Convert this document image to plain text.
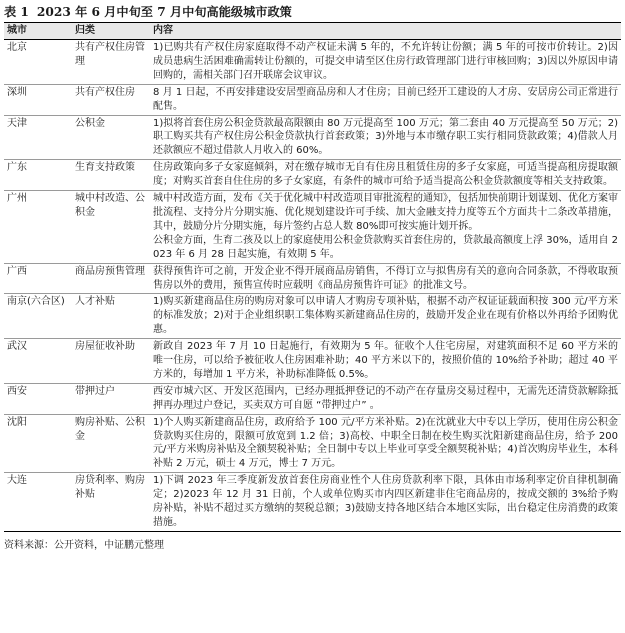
表 1 2023 年 6 月中旬至 7 月中旬高能级城市政策
城市	归类	内容
北京	共有产权住房管理	1)已购共有产权住房家庭取得不动产权证未满 5 年的，不允许转让份额；满 5 年的可按市价转让。2)因成员患病生活困难确需转让份额的，可提交申请至区住房行政管理部门进行审核回购；3)因以外原因申请回购的，需相关部门召开联席会议审议。

深圳	共有产权住房	8 月 1 日起，不再安排建设安居型商品房和人才住房；目前已经开工建设的人才房、安居房公司正常进行配售。

天津	公积金	1)拟将首套住房公积金贷款最高限额由 80 万元提高至 100 万元；第二套由 40 万元提高至 50 万元；2)职工购买共有产权住房公积金贷款执行首套政策；3)外地与本市缴存职工实行相同贷款政策；4)借款人月还款额应不超过借款人月收入的 60%。

广东	生育支持政策	住房政策向多子女家庭倾斜，对在缴存城市无自有住房且租赁住房的多子女家庭，可适当提高租房提取额度；对购买首套自住住房的多子女家庭，有条件的城市可给予适当提高公积金贷款额度等相关支持政策。

广州	城中村改造、公积金	城中村改造方面，发布《关于优化城中村改造项目审批流程的通知》，包括加快前期计划谋划、优化方案审批流程、支持分片分期实施、优化规划建设许可手续、加大金融支持力度等五个方面共十二条改革措施，其中，鼓励分片分期实施，每片签约占总人数 80%即可按实施计划开拆。

公积金方面，生育二孩及以上的家庭使用公积金贷款购买首套住房的，贷款最高额度上浮 30%，适用自 2023 年 6 月 28 日起实施，有效期 5 年。

广西	商品房预售管理	获得预售许可之前，开发企业不得开展商品房销售，不得订立与拟售房有关的意向合同条款，不得收取预售房以外的费用，预售宣传时应载明《商品房预售许可证》的批准文号。

南京(六合区)	人才补贴	1)购买新建商品住房的购房对象可以申请人才购房专项补贴，根据不动产权证证载面积按 300 元/平方米的标准发放；2)对于企业组织职工集体购买新建商品住房的，鼓励开发企业在现有价格以外再给予团购优惠。

武汉	房屋征收补助	新政自 2023 年 7 月 10 日起施行，有效期为 5 年。征收个人住宅房屋，对建筑面积不足 60 平方米的唯一住房，可以给予被征收人住房困难补助；40 平方米以下的，按照价值的 10%给予补助；超过 40 平方米的，每增加 1 平方米，补助标准降低 0.5%。

西安	带押过户	西安市城六区、开发区范围内，已经办理抵押登记的不动产在存量房交易过程中，无需先还清贷款解除抵押再办理过户登记，买卖双方可自愿 “带押过户” 。

沈阳	购房补贴、公积金	1)个人购买新建商品住房，政府给予 100 元/平方米补贴。2)在沈就业大中专以上学历，使用住房公积金贷款购买住房的，限额可放宽到 1.2 倍；3)高校、中职全日制在校生购买沈阳新建商品住房，给予 200 元/平方米购房补贴及全额契税补贴；全日制中专以上毕业可享受全额契税补贴；4)首次购房毕业生，本科补贴 2 万元，硕士 4 万元，博士 7 万元。

大连	房贷利率、购房补贴	1)下调 2023 年三季度新发放首套住房商业性个人住房贷款利率下限，具体由市场利率定价自律机制确定；2)2023 年 12 月 31 日前，个人或单位购买市内四区新建非住宅商品房的，按成交额的 3%给予购房补贴，补贴不超过买方缴纳的契税总额；3)鼓励支持各地区结合本地区实际，出台稳定住房消费的政策措施。

资料来源：公开资料，中证鹏元整理
